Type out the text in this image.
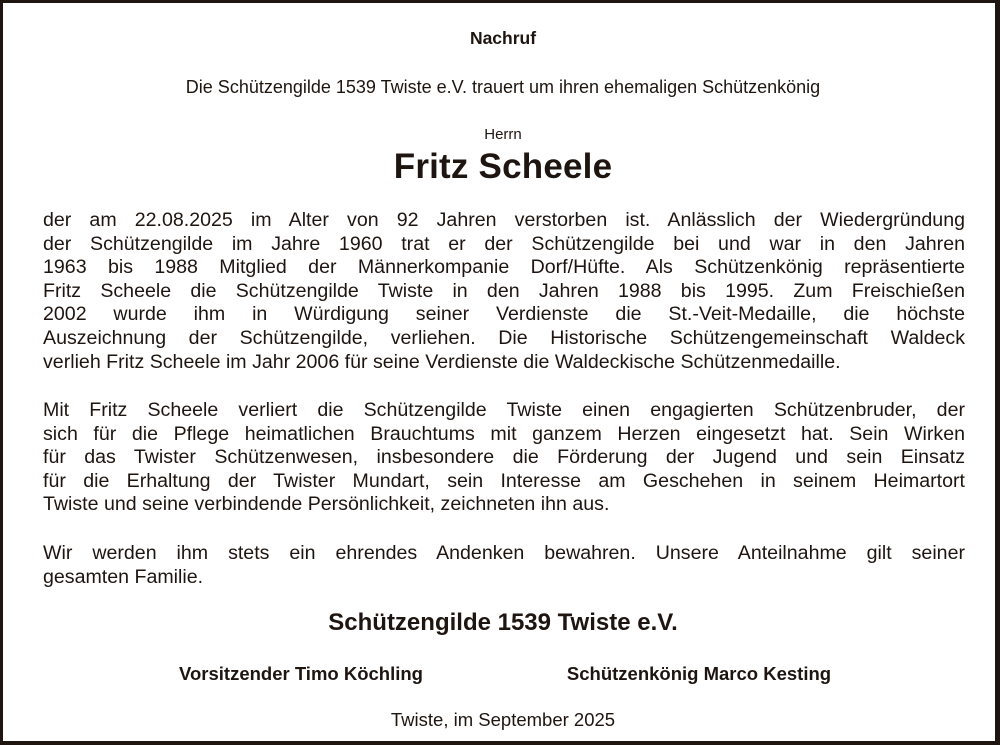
Nachruf
Die Schützengilde 1539 Twiste e.V. trauert um ihren ehemaligen Schützenkönig
Herrn
Fritz Scheele
der am 22.08.2025 im Alter von 92 Jahren verstorben ist. Anlässlich der Wiedergründung
der Schützengilde im Jahre 1960 trat er der Schützengilde bei und war in den Jahren
1963 bis 1988 Mitglied der Männerkompanie Dorf/Hüfte. Als Schützenkönig repräsentierte
Fritz Scheele die Schützengilde Twiste in den Jahren 1988 bis 1995. Zum Freischießen
2002 wurde ihm in Würdigung seiner Verdienste die St.-Veit-Medaille, die höchste
Auszeichnung der Schützengilde, verliehen. Die Historische Schützengemeinschaft Waldeck
verlieh Fritz Scheele im Jahr 2006 für seine Verdienste die Waldeckische Schützenmedaille.
Mit Fritz Scheele verliert die Schützengilde Twiste einen engagierten Schützenbruder, der
sich für die Pflege heimatlichen Brauchtums mit ganzem Herzen eingesetzt hat. Sein Wirken
für das Twister Schützenwesen, insbesondere die Förderung der Jugend und sein Einsatz
für die Erhaltung der Twister Mundart, sein Interesse am Geschehen in seinem Heimartort
Twiste und seine verbindende Persönlichkeit, zeichneten ihn aus.
Wir werden ihm stets ein ehrendes Andenken bewahren. Unsere Anteilnahme gilt seiner
gesamten Familie.
Schützengilde 1539 Twiste e.V.
Vorsitzender Timo Köchling	Schützenkönig Marco Kesting
Twiste, im September 2025
